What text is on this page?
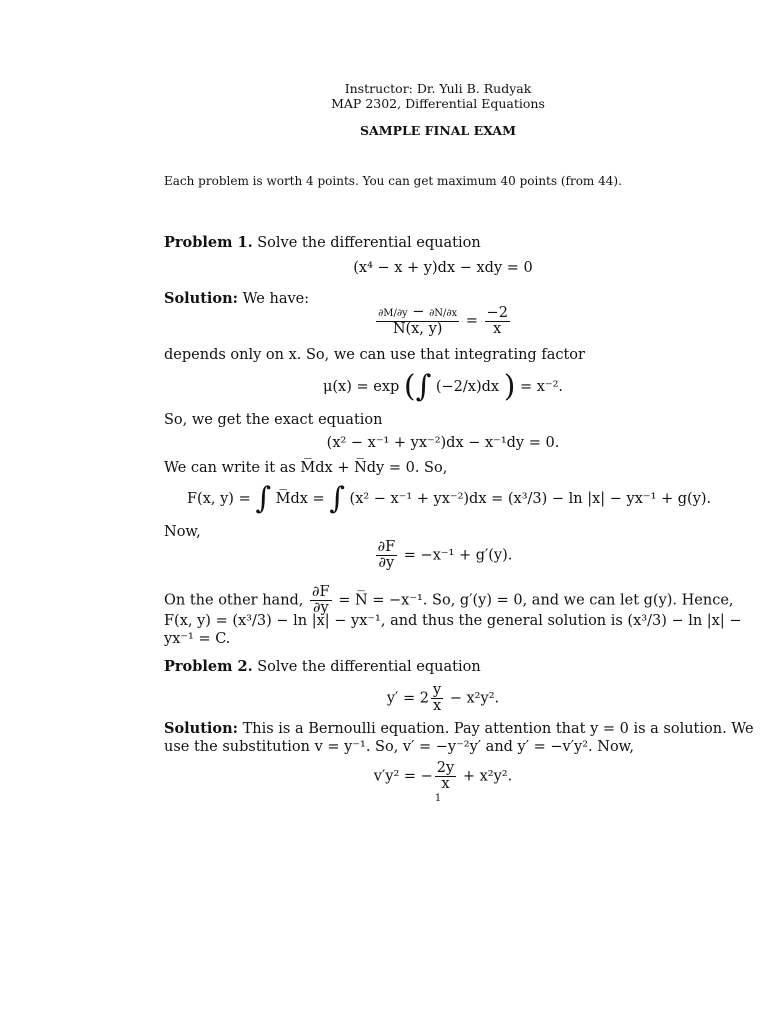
Instructor: Dr. Yuli B. Rudyak
MAP 2302, Differential Equations
SAMPLE FINAL EXAM
Each problem is worth 4 points. You can get maximum 40 points (from 44).
Problem 1. Solve the differential equation
(x⁴ − x + y)dx − xdy = 0
Solution: We have:
$\frac{\partial M/\partial y - \partial N/\partial x}{N(x, y)} = \frac{-2}{x}$
depends only on x. So, we can use that integrating factor
μ(x) = exp (∫ (−2/x)dx ) = x⁻².
So, we get the exact equation
(x² − x⁻¹ + yx⁻²)dx − x⁻¹dy = 0.
We can write it as M̅dx + N̅dy = 0. So,
F(x, y) = ∫ M̅dx = ∫ (x² − x⁻¹ + yx⁻²)dx = (x³/3) − ln |x| − yx⁻¹ + g(y).
Now,
$\frac{\partial F}{\partial y} = -x^{-1} + g'(y)$.
On the other hand, $\frac{\partial F}{\partial y}$ = N̅ = −x⁻¹. So, g′(y) = 0, and we can let g(y). Hence,
F(x, y) = (x³/3) − ln |x| − yx⁻¹, and thus the general solution is (x³/3) − ln |x| −
yx⁻¹ = C.
Problem 2. Solve the differential equation
$y' = 2 \frac{y}{x} - x^2y^2$.
Solution: This is a Bernoulli equation. Pay attention that y = 0 is a solution. We
use the substitution v = y⁻¹. So, v′ = −y⁻²y′ and y′ = −v′y². Now,
v′y² = − $\frac{2y}{x} + x^2y^2$.
1
